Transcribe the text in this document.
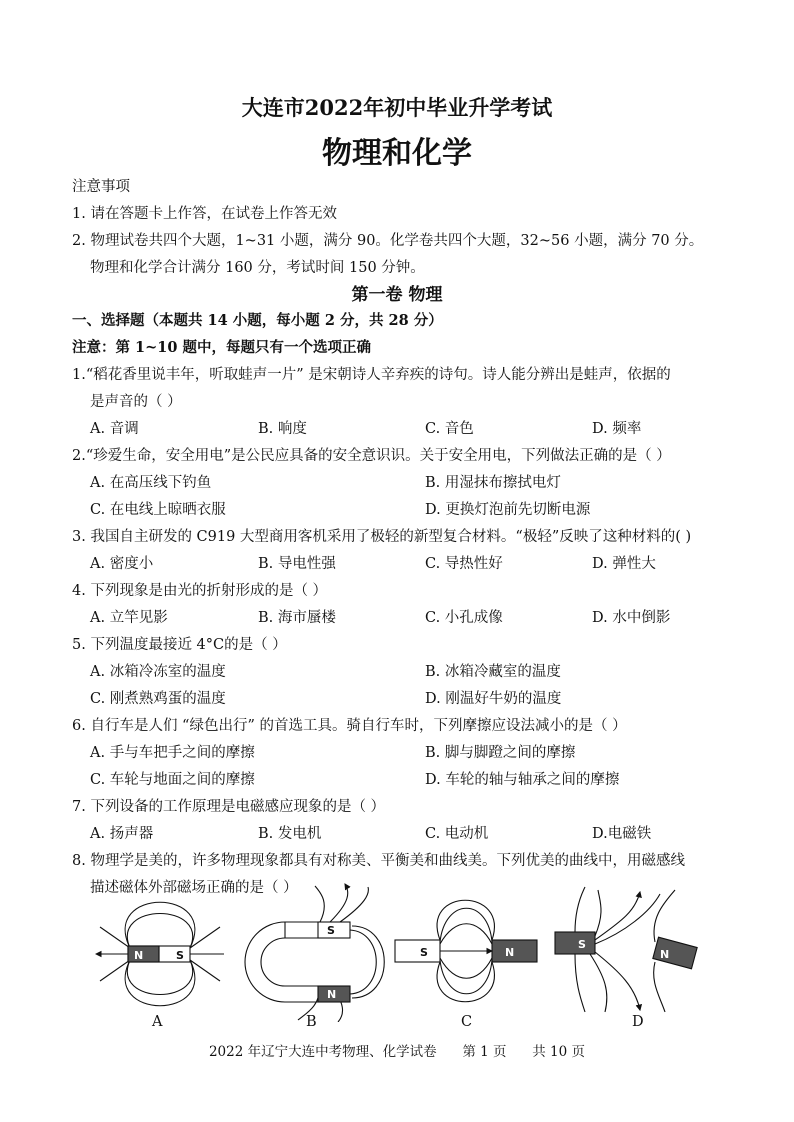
大连市2022年初中毕业升学考试
物理和化学
注意事项
1. 请在答题卡上作答，在试卷上作答无效
2. 物理试卷共四个大题，1~31 小题，满分 90。化学卷共四个大题，32~56 小题，满分 70 分。
物理和化学合计满分 160 分，考试时间 150 分钟。
第一卷 物理
一、选择题（本题共 14 小题，每小题 2 分，共 28 分）
注意：第 1~10 题中，每题只有一个选项正确
1.“稻花香里说丰年，听取蛙声一片” 是宋朝诗人辛弃疾的诗句。诗人能分辨出是蛙声，依据的
是声音的（ ）
A. 音调	B. 响度	C. 音色	D. 频率
2.“珍爱生命，安全用电”是公民应具备的安全意识识。关于安全用电，下列做法正确的是（ ）
A. 在高压线下钓鱼	B. 用湿抹布擦拭电灯
C. 在电线上晾晒衣服	D. 更换灯泡前先切断电源
3. 我国自主研发的 C919 大型商用客机采用了极轻的新型复合材料。“极轻”反映了这种材料的( )
A. 密度小	B. 导电性强	C. 导热性好	D. 弹性大
4. 下列现象是由光的折射形成的是（ ）
A. 立竿见影	B. 海市蜃楼	C. 小孔成像	D. 水中倒影
5. 下列温度最接近 4°C的是（ ）
A. 冰箱冷冻室的温度	B. 冰箱冷藏室的温度
C. 刚煮熟鸡蛋的温度	D. 刚温好牛奶的温度
6. 自行车是人们 “绿色出行” 的首选工具。骑自行车时，下列摩擦应设法减小的是（ ）
A. 手与车把手之间的摩擦	B. 脚与脚蹬之间的摩擦
C. 车轮与地面之间的摩擦	D. 车轮的轴与轴承之间的摩擦
7. 下列设备的工作原理是电磁感应现象的是（ ）
A. 扬声器	B. 发电机	C. 电动机	D.电磁铁
8. 物理学是美的，许多物理现象都具有对称美、平衡美和曲线美。下列优美的曲线中，用磁感线
描述磁体外部磁场正确的是（ ）
N	S
S
N
S	N
S
N
A	B	C	D
2022 年辽宁大连中考物理、化学试卷      第 1 页      共 10 页
